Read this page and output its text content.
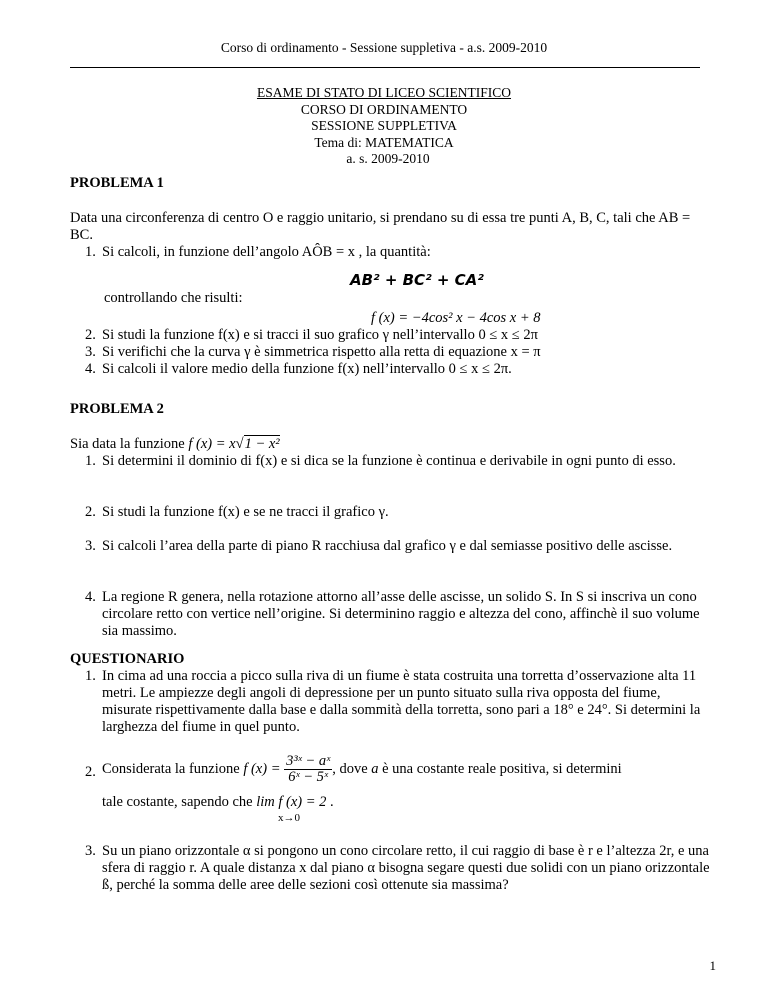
Corso di ordinamento - Sessione suppletiva - a.s. 2009-2010
ESAME DI STATO DI LICEO SCIENTIFICO
CORSO DI ORDINAMENTO
SESSIONE SUPPLETIVA
Tema di: MATEMATICA
a. s. 2009-2010
PROBLEMA 1
Data una circonferenza di centro O e raggio unitario, si prendano su di essa tre punti A, B, C, tali che AB = BC.
1. Si calcoli, in funzione dell’angolo AÔB = x , la quantità:
AB² + BC² + CA²
controllando che risulti:
f (x) = −4cos² x − 4cos x + 8
2. Si studi la funzione f(x) e si tracci il suo grafico γ nell’intervallo 0 ≤ x ≤ 2π
3. Si verifichi che la curva γ è simmetrica rispetto alla retta di equazione x = π
4. Si calcoli il valore medio della funzione f(x) nell’intervallo 0 ≤ x ≤ 2π.
PROBLEMA 2
Sia data la funzione f (x) = x√1 − x²
1. Si determini il dominio di f(x) e si dica se la funzione è continua e derivabile in ogni punto di esso.
2. Si studi la funzione f(x) e se ne tracci il grafico γ.
3. Si calcoli l’area della parte di piano R racchiusa dal grafico γ e dal semiasse positivo delle ascisse.
4. La regione R genera, nella rotazione attorno all’asse delle ascisse, un solido S. In S si inscriva un cono circolare retto con vertice nell’origine. Si determinino raggio e altezza del cono, affinchè il suo volume sia massimo.
QUESTIONARIO
1. In cima ad una roccia a picco sulla riva di un fiume è stata costruita una torretta d’osservazione alta 11 metri. Le ampiezze degli angoli di depressione per un punto situato sulla riva opposta del fiume, misurate rispettivamente dalla base e dalla sommità della torretta, sono pari a 18° e 24°. Si determini la larghezza del fiume in quel punto.
2. Considerata la funzione f $(x) = \frac{\text{3³ˣ − aˣ}}{\text{6ˣ − 5ˣ}}$ , dove a è una costante reale positiva, si determini
tale costante, sapendo che lim f (x) = 2 .
x→0
3. Su un piano orizzontale α si pongono un cono circolare retto, il cui raggio di base è r e l’altezza 2r, e una sfera di raggio r. A quale distanza x dal piano α bisogna segare questi due solidi con un piano orizzontale ß, perché la somma delle aree delle sezioni così ottenute sia massima?
1
